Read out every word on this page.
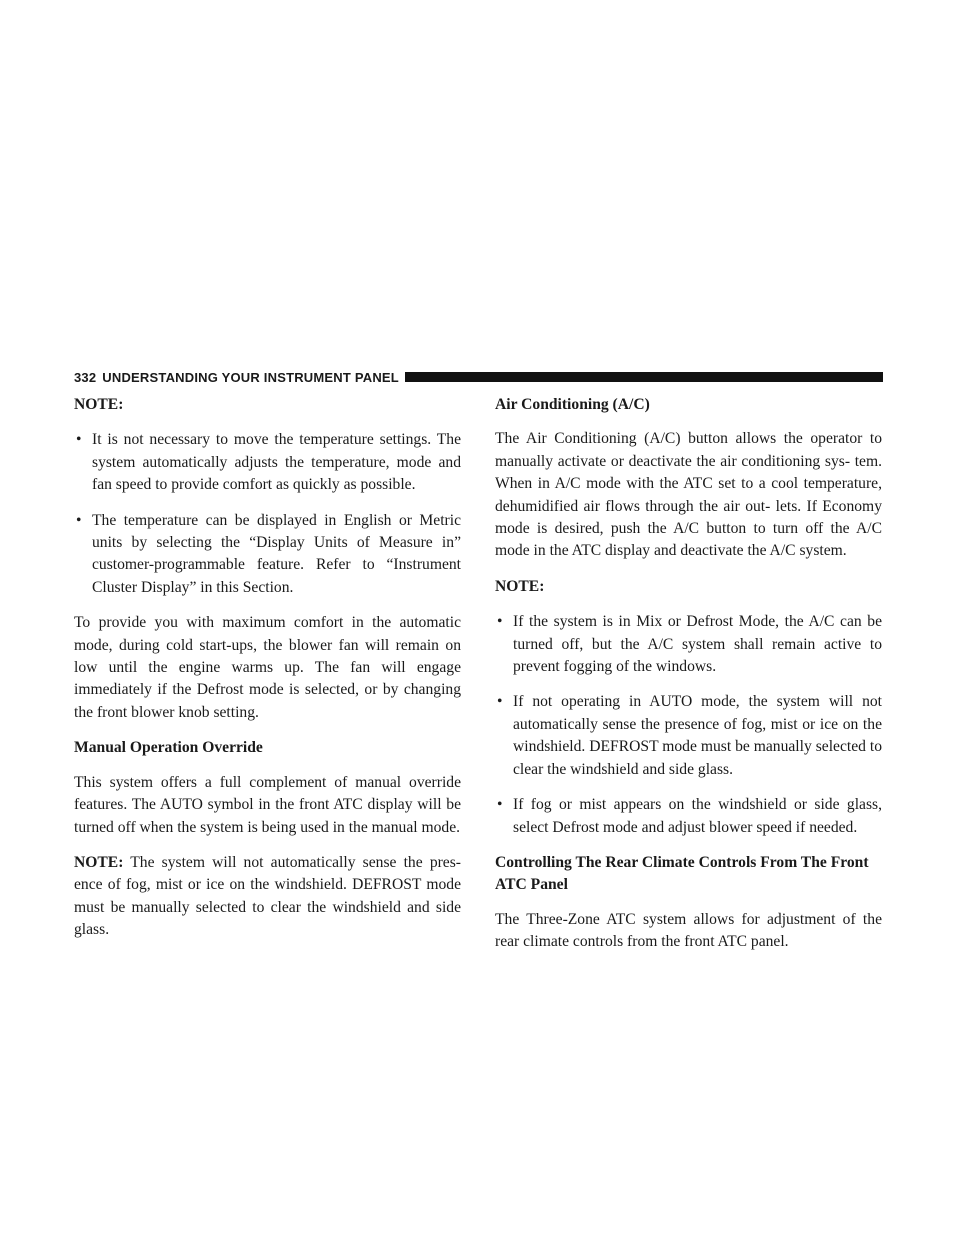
332 UNDERSTANDING YOUR INSTRUMENT PANEL

NOTE:

• It is not necessary to move the temperature settings. The system automatically adjusts the temperature, mode and fan speed to provide comfort as quickly as possible.
• The temperature can be displayed in English or Metric units by selecting the “Display Units of Measure in” customer-programmable feature. Refer to “Instrument Cluster Display” in this Section.

To provide you with maximum comfort in the automatic mode, during cold start-ups, the blower fan will remain on low until the engine warms up. The fan will engage immediately if the Defrost mode is selected, or by changing the front blower knob setting.

Manual Operation Override

This system offers a full complement of manual override features. The AUTO symbol in the front ATC display will be turned off when the system is being used in the manual mode.

NOTE: The system will not automatically sense the pres- ence of fog, mist or ice on the windshield. DEFROST mode must be manually selected to clear the windshield and side glass.

Air Conditioning (A/C)

The Air Conditioning (A/C) button allows the operator to manually activate or deactivate the air conditioning sys- tem. When in A/C mode with the ATC set to a cool temperature, dehumidified air flows through the air out- lets. If Economy mode is desired, push the A/C button to turn off the A/C mode in the ATC display and deactivate the A/C system.

NOTE:

• If the system is in Mix or Defrost Mode, the A/C can be turned off, but the A/C system shall remain active to prevent fogging of the windows.
• If not operating in AUTO mode, the system will not automatically sense the presence of fog, mist or ice on the windshield. DEFROST mode must be manually selected to clear the windshield and side glass.
• If fog or mist appears on the windshield or side glass, select Defrost mode and adjust blower speed if needed.
Controlling The Rear Climate Controls From The Front ATC Panel

The Three-Zone ATC system allows for adjustment of the rear climate controls from the front ATC panel.
